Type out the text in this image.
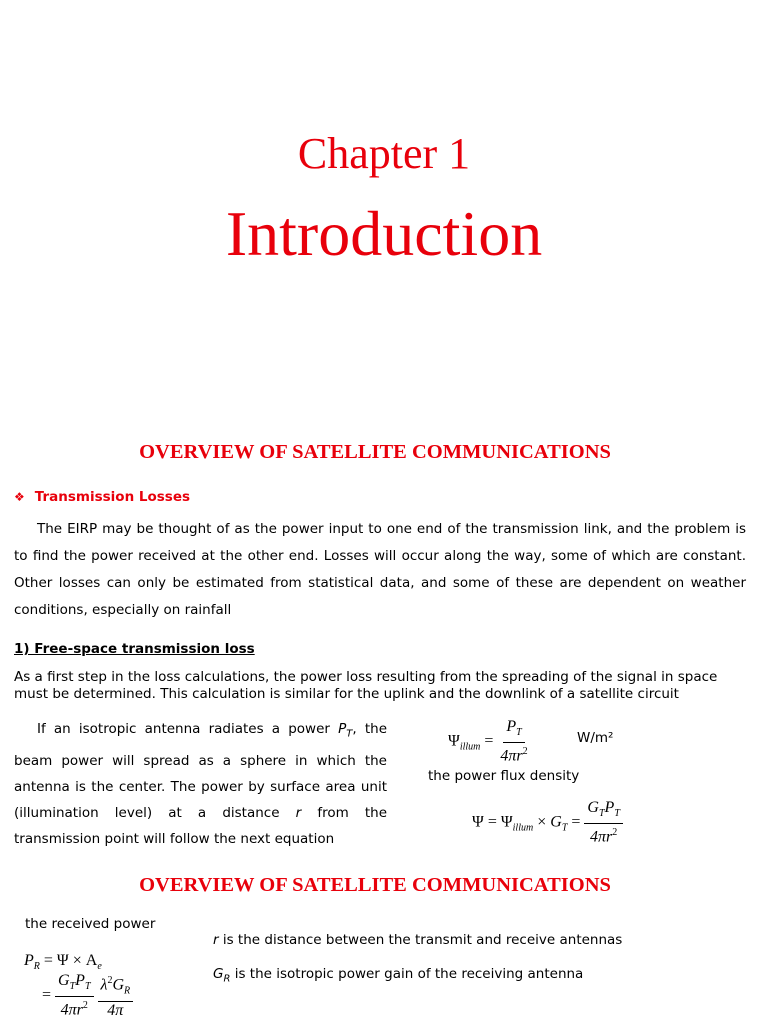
Chapter 1
Introduction
OVERVIEW OF SATELLITE COMMUNICATIONS
❖ Transmission Losses
The EIRP may be thought of as the power input to one end of the transmission link, and the problem is to find the power received at the other end. Losses will occur along the way, some of which are constant. Other losses can only be estimated from statistical data, and some of these are dependent on weather conditions, especially on rainfall
1) Free-space transmission loss
As a first step in the loss calculations, the power loss resulting from the spreading of the signal in space must be determined. This calculation is similar for the uplink and the downlink of a satellite circuit
If an isotropic antenna radiates a power $P_T$, the beam power will spread as a sphere in which the antenna is the center. The power by surface area unit (illumination level) at a distance r from the transmission point will follow the next equation
$\Psi_{illum} = \frac{P_T}{4\pi r^2}$	W/m²
the power flux density
$\Psi = \Psi_{illum} \times G_T = \frac{G_TP_T}{4\pi r^2}$
OVERVIEW OF SATELLITE COMMUNICATIONS
the received power
$P_R = \Psi \times A_e$
= $\frac{G_TP_T}{4\pi r^2}$
$\frac{\lambda^2G_R}{4\pi}$
r is the distance between the transmit and receive antennas
$G_R$ is the isotropic power gain of the receiving antenna
